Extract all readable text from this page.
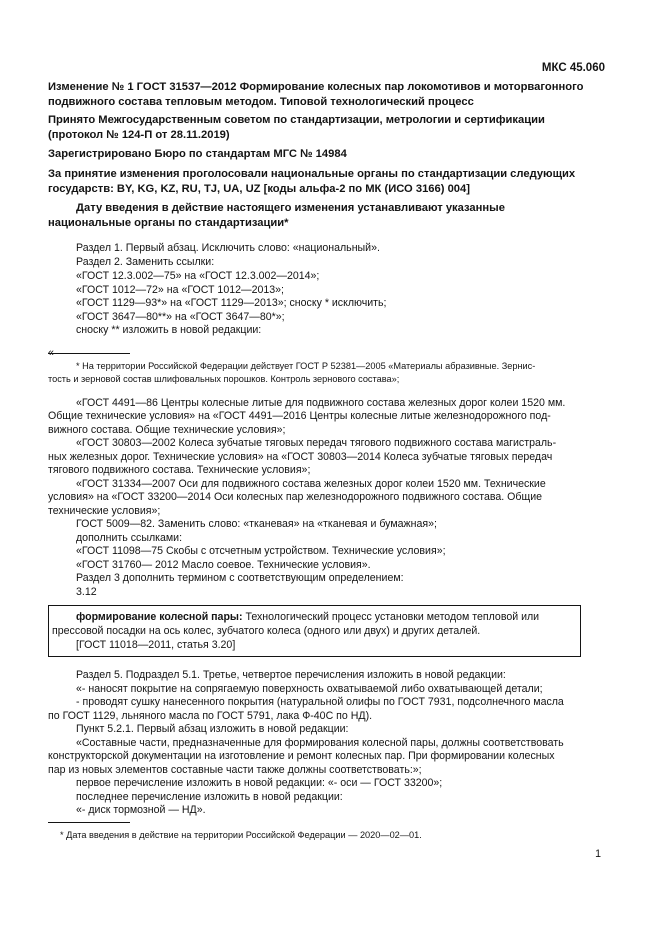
МКС 45.060

Изменение № 1 ГОСТ 31537—2012 Формирование колесных пар локомотивов и моторвагонного подвижного состава тепловым методом. Типовой технологический процесс

Принято Межгосударственным советом по стандартизации, метрологии и сертификации (протокол № 124-П от 28.11.2019)

Зарегистрировано Бюро по стандартам МГС № 14984

За принятие изменения проголосовали национальные органы по стандартизации следующих государств: BY, KG, KZ, RU, TJ, UA, UZ [коды альфа-2 по МК (ИСО 3166) 004]

Дату введения в действие настоящего изменения устанавливают указанные национальные органы по стандартизации*

Раздел 1. Первый абзац. Исключить слово: «национальный».

Раздел 2. Заменить ссылки:

«ГОСТ 12.3.002—75» на «ГОСТ 12.3.002—2014»;

«ГОСТ 1012—72» на «ГОСТ 1012—2013»;

«ГОСТ 1129—93*» на «ГОСТ 1129—2013»; сноску * исключить;

«ГОСТ 3647—80**» на «ГОСТ 3647—80*»;

сноску ** изложить в новой редакции:

«

* На территории Российской Федерации действует ГОСТ Р 52381—2005 «Материалы абразивные. Зернис-

тость и зерновой состав шлифовальных порошков. Контроль зернового состава»;

«ГОСТ 4491—86 Центры колесные литые для подвижного состава железных дорог колеи 1520 мм.

Общие технические условия» на «ГОСТ 4491—2016 Центры колесные литые железнодорожного под-

вижного состава. Общие технические условия»;

«ГОСТ 30803—2002 Колеса зубчатые тяговых передач тягового подвижного состава магистраль-

ных железных дорог. Технические условия» на «ГОСТ 30803—2014 Колеса зубчатые тяговых передач

тягового подвижного состава. Технические условия»;

«ГОСТ 31334—2007 Оси для подвижного состава железных дорог колеи 1520 мм. Технические

условия» на «ГОСТ 33200—2014 Оси колесных пар железнодорожного подвижного состава. Общие

технические условия»;

ГОСТ 5009—82. Заменить слово: «тканевая» на «тканевая и бумажная»;

дополнить ссылками:

«ГОСТ 11098—75 Скобы с отсчетным устройством. Технические условия»;

«ГОСТ 31760— 2012 Масло соевое. Технические условия».

Раздел 3 дополнить термином с соответствующим определением:

3.12

формирование колесной пары: Технологический процесс установки методом тепловой или

прессовой посадки на ось колес, зубчатого колеса (одного или двух) и других деталей.

[ГОСТ 11018—2011, статья 3.20]

Раздел 5. Подраздел 5.1. Третье, четвертое перечисления изложить в новой редакции:

«- наносят покрытие на сопрягаемую поверхность охватываемой либо охватывающей детали;

- проводят сушку нанесенного покрытия (натуральной олифы по ГОСТ 7931, подсолнечного масла

по ГОСТ 1129, льняного масла по ГОСТ 5791, лака Ф-40С по НД).

Пункт 5.2.1. Первый абзац изложить в новой редакции:

«Составные части, предназначенные для формирования колесной пары, должны соответствовать

конструкторской документации на изготовление и ремонт колесных пар. При формировании колесных

пар из новых элементов составные части также должны соответствовать:»;

первое перечисление изложить в новой редакции: «- оси — ГОСТ 33200»;

последнее перечисление изложить в новой редакции:

«- диск тормозной — НД».

* Дата введения в действие на территории Российской Федерации — 2020—02—01.

1
